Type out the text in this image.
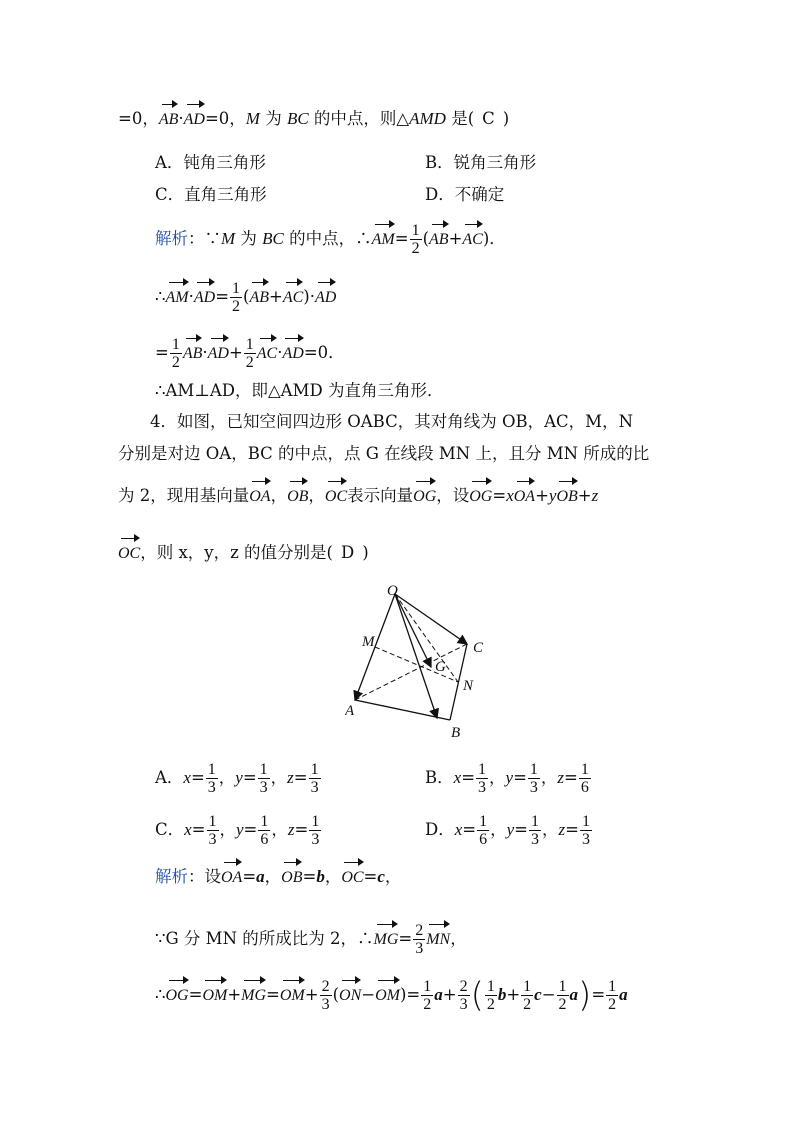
=0，AB·AD=0，M 为 BC 的中点，则△AMD 是( C )
A．钝角三角形	B．锐角三角形
C．直角三角形	D．不确定
解析：∵M 为 BC 的中点，∴AM= $\frac{1}{2} (AB+AC)$．
∴AM·AD= $\frac{1}{2} (AB+AC)\cdot AD$
= $\frac{1}{2} AB\cdot AD+ \frac{1}{2} AC\cdot AD=0$．
∴AM⊥AD，即△AMD 为直角三角形．
4．如图，已知空间四边形 OABC，其对角线为 OB，AC，M，N
分别是对边 OA，BC 的中点，点 G 在线段 MN 上，且分 MN 所成的比
为 2，现用基向量OA，OB，OC表示向量OG，设OG=xOA+yOB+z
OC，则 x，y，z 的值分别是( D )
O
M	C
G
N
A
B
A．$x= \frac{1}{3}$ ，$y= \frac{1}{3}$ ，$z= \frac{1}{3}$	B．$x= \frac{1}{3}$ ，$y= \frac{1}{3}$ ，$z= \frac{1}{6}$
C．$x= \frac{1}{3}$ ，$y= \frac{1}{6}$ ，$z= \frac{1}{3}$	D．$x= \frac{1}{6}$ ，$y= \frac{1}{3}$ ，$z= \frac{1}{3}$
解析：设OA=a，OB=b，OC=c，
∵G 分 MN 的所成比为 2，∴MG= $\frac{2}{3}$ MN，
∴OG=OM+MG=OM+ $\frac{2}{3} (ON-OM)= \frac{1}{2} a+ \frac{2}{3}$ ( $\frac{1}{2} b+ \frac{1}{2} c- \frac{1}{2} a)= \frac{1}{2}$ a
